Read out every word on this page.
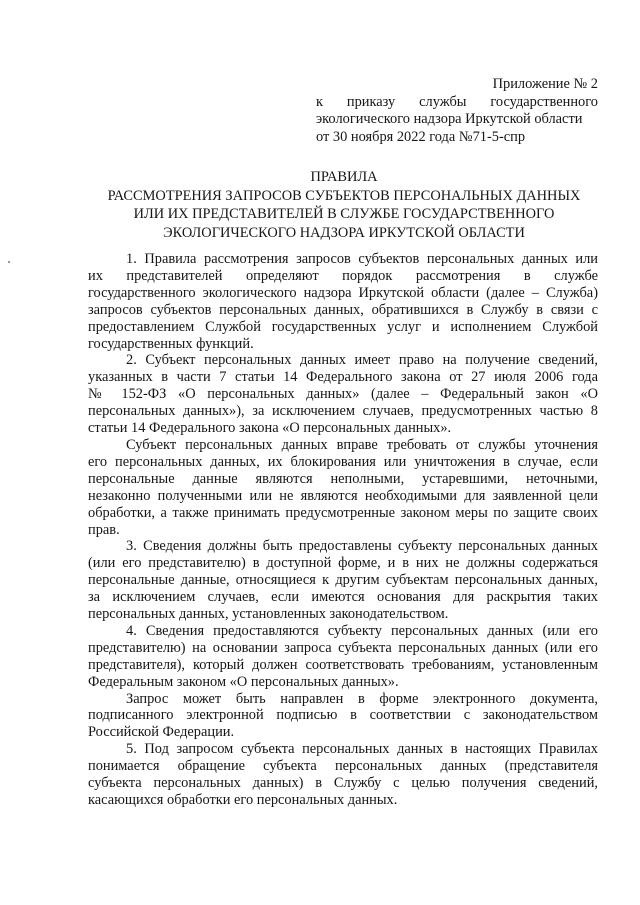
Приложение № 2
к приказу службы государственного
экологического надзора Иркутской области
от 30 ноября 2022 года №71-5-спр
ПРАВИЛА
РАССМОТРЕНИЯ ЗАПРОСОВ СУБЪЕКТОВ ПЕРСОНАЛЬНЫХ ДАННЫХ
ИЛИ ИХ ПРЕДСТАВИТЕЛЕЙ В СЛУЖБЕ ГОСУДАРСТВЕННОГО
ЭКОЛОГИЧЕСКОГО НАДЗОРА ИРКУТСКОЙ ОБЛАСТИ

1. Правила рассмотрения запросов субъектов персональных данных или
их представителей определяют порядок рассмотрения в службе
государственного экологического надзора Иркутской области (далее – Служба)
запросов субъектов персональных данных, обратившихся в Службу в связи с
предоставлением Службой государственных услуг и исполнением Службой
государственных функций.

2. Субъект персональных данных имеет право на получение сведений,
указанных в части 7 статьи 14 Федерального закона от 27 июля 2006 года
№ 152-ФЗ «О персональных данных» (далее – Федеральный закон «О
персональных данных»), за исключением случаев, предусмотренных частью 8
статьи 14 Федерального закона «О персональных данных».

Субъект персональных данных вправе требовать от службы уточнения
его персональных данных, их блокирования или уничтожения в случае, если
персональные данные являются неполными, устаревшими, неточными,
незаконно полученными или не являются необходимыми для заявленной цели
обработки, а также принимать предусмотренные законом меры по защите своих
прав.

3. Сведения должны быть предоставлены субъекту персональных данных
(или его представителю) в доступной форме, и в них не должны содержаться
персональные данные, относящиеся к другим субъектам персональных данных,
за исключением случаев, если имеются основания для раскрытия таких
персональных данных, установленных законодательством.

4. Сведения предоставляются субъекту персональных данных (или его
представителю) на основании запроса субъекта персональных данных (или его
представителя), который должен соответствовать требованиям, установленным
Федеральным законом «О персональных данных».

Запрос может быть направлен в форме электронного документа,
подписанного электронной подписью в соответствии с законодательством
Российской Федерации.

5. Под запросом субъекта персональных данных в настоящих Правилах
понимается обращение субъекта персональных данных (представителя
субъекта персональных данных) в Службу с целью получения сведений,
касающихся обработки его персональных данных.
